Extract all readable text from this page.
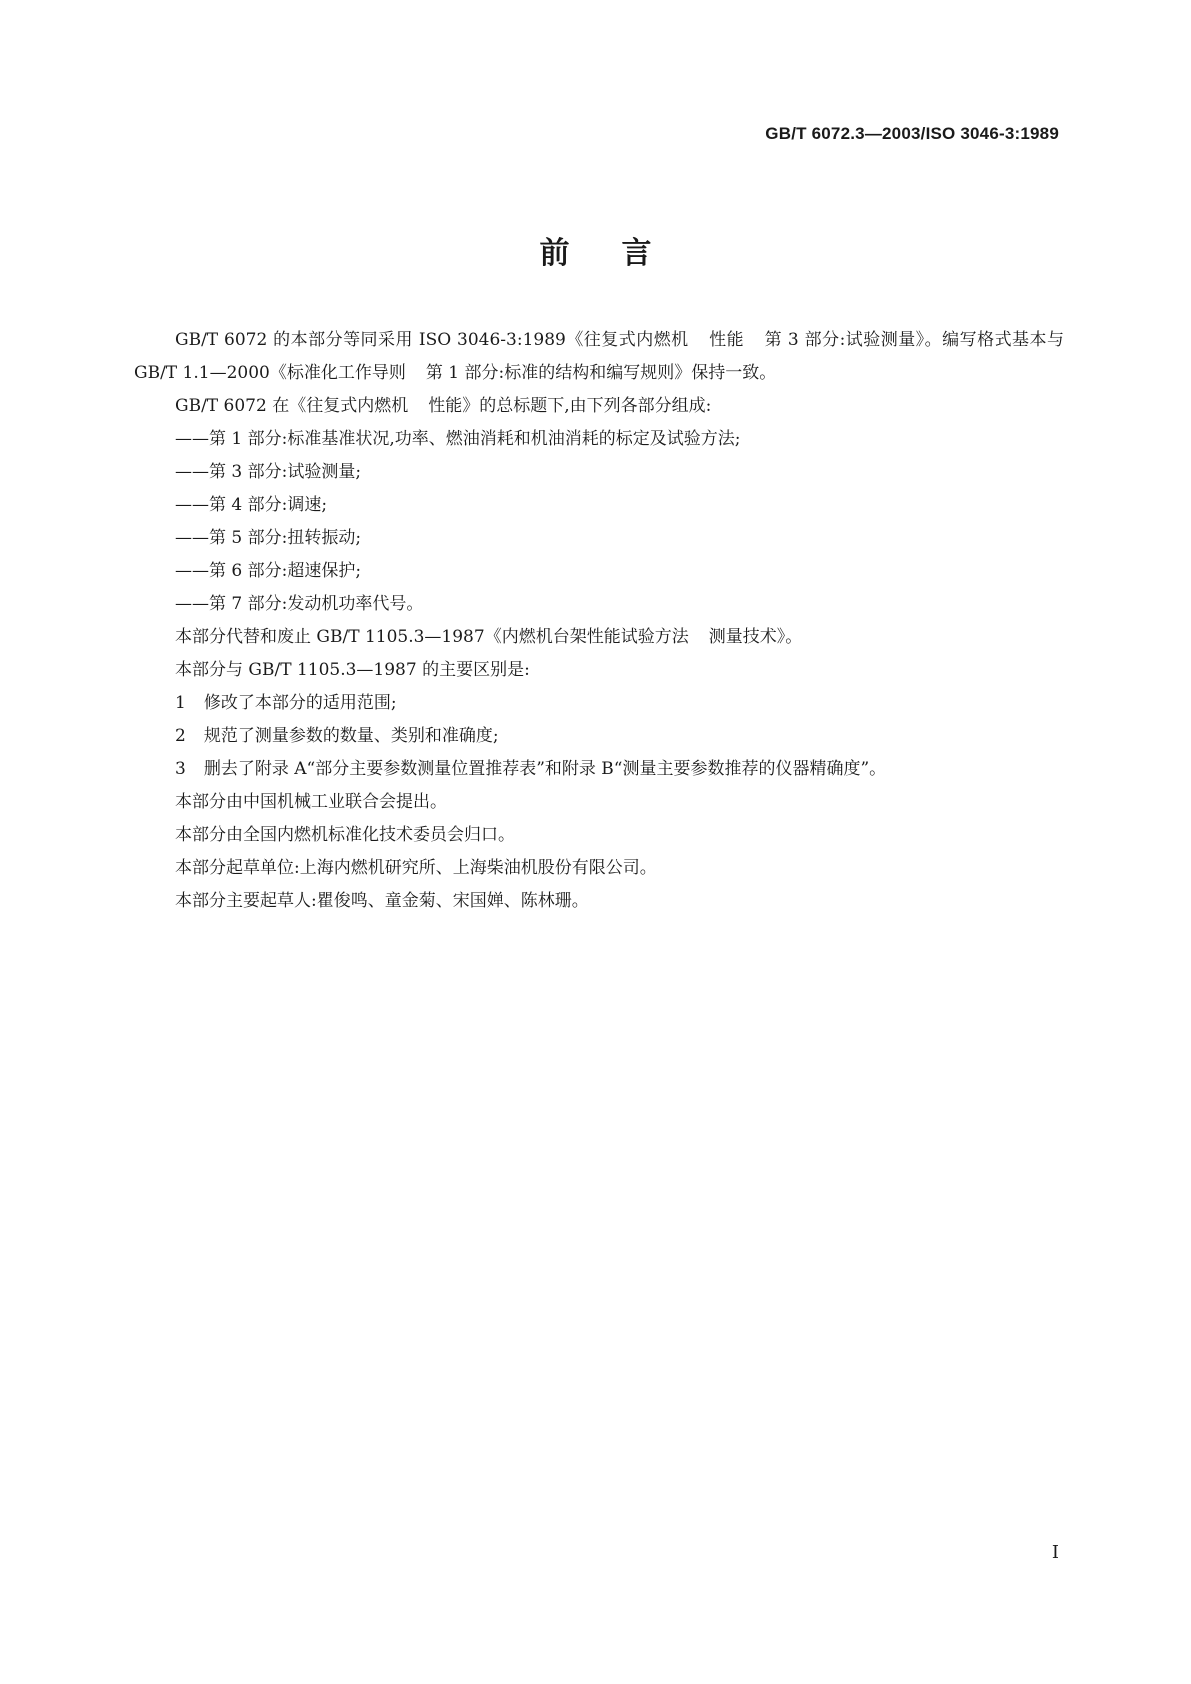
GB/T 6072.3—2003/ISO 3046-3:1989
前言

GB/T 6072 的本部分等同采用 ISO 3046-3:1989《往复式内燃机 性能 第 3 部分:试验测量》。编写格式基本与 GB/T 1.1—2000《标准化工作导则 第 1 部分:标准的结构和编写规则》保持一致。

GB/T 6072 在《往复式内燃机 性能》的总标题下,由下列各部分组成:

——第 1 部分:标准基准状况,功率、燃油消耗和机油消耗的标定及试验方法;

——第 3 部分:试验测量;

——第 4 部分:调速;

——第 5 部分:扭转振动;

——第 6 部分:超速保护;

——第 7 部分:发动机功率代号。

本部分代替和废止 GB/T 1105.3—1987《内燃机台架性能试验方法 测量技术》。

本部分与 GB/T 1105.3—1987 的主要区别是:

1 修改了本部分的适用范围;

2 规范了测量参数的数量、类别和准确度;

3 删去了附录 A“部分主要参数测量位置推荐表”和附录 B“测量主要参数推荐的仪器精确度”。

本部分由中国机械工业联合会提出。

本部分由全国内燃机标准化技术委员会归口。

本部分起草单位:上海内燃机研究所、上海柴油机股份有限公司。

本部分主要起草人:瞿俊鸣、童金菊、宋国婵、陈林珊。

I
